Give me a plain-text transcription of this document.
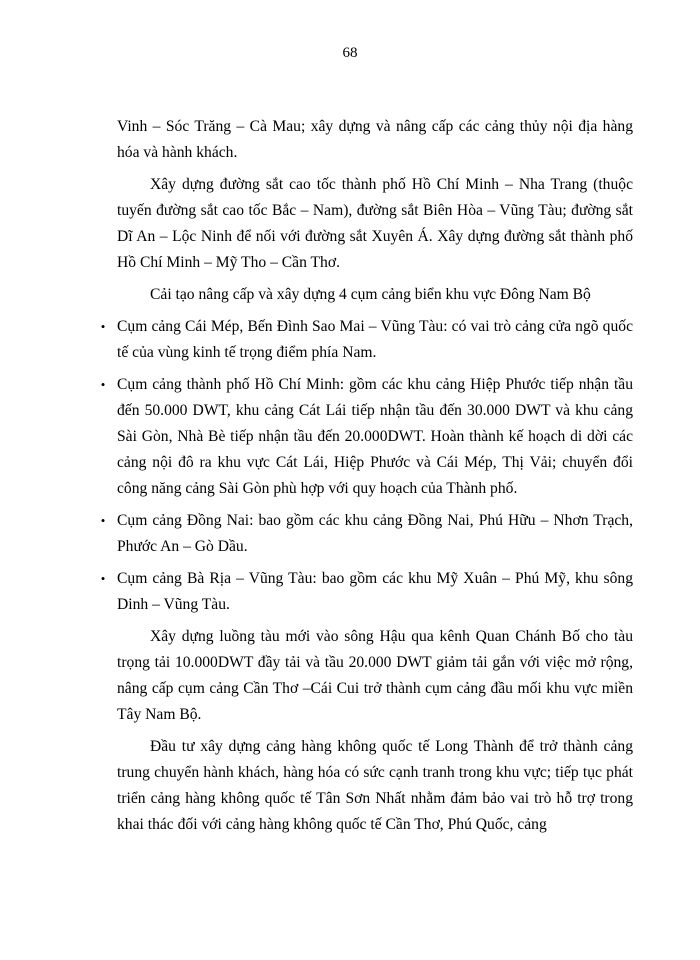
68

Vinh – Sóc Trăng – Cà Mau; xây dựng và nâng cấp các cảng thủy nội địa hàng hóa và hành khách.

Xây dựng đường sắt cao tốc thành phố Hồ Chí Minh – Nha Trang (thuộc tuyến đường sắt cao tốc Bắc – Nam), đường sắt Biên Hòa – Vũng Tàu; đường sắt Dĩ An – Lộc Ninh để nối với đường sắt Xuyên Á. Xây dựng đường sắt thành phố Hồ Chí Minh – Mỹ Tho – Cần Thơ.

Cải tạo nâng cấp và xây dựng 4 cụm cảng biển khu vực Đông Nam Bộ

• Cụm cảng Cái Mép, Bến Đình Sao Mai – Vũng Tàu: có vai trò cảng cửa ngõ quốc tế của vùng kinh tế trọng điểm phía Nam.
• Cụm cảng thành phố Hồ Chí Minh: gồm các khu cảng Hiệp Phước tiếp nhận tầu đến 50.000 DWT, khu cảng Cát Lái tiếp nhận tầu đến 30.000 DWT và khu cảng Sài Gòn, Nhà Bè tiếp nhận tầu đến 20.000DWT. Hoàn thành kế hoạch di dời các cảng nội đô ra khu vực Cát Lái, Hiệp Phước và Cái Mép, Thị Vải; chuyển đổi công năng cảng Sài Gòn phù hợp với quy hoạch của Thành phố.
• Cụm cảng Đồng Nai: bao gồm các khu cảng Đồng Nai, Phú Hữu – Nhơn Trạch, Phước An – Gò Dầu.
• Cụm cảng Bà Rịa – Vũng Tàu: bao gồm các khu Mỹ Xuân – Phú Mỹ, khu sông Dinh – Vũng Tàu.

Xây dựng luồng tàu mới vào sông Hậu qua kênh Quan Chánh Bố cho tàu trọng tải 10.000DWT đầy tải và tầu 20.000 DWT giảm tải gắn với việc mở rộng, nâng cấp cụm cảng Cần Thơ –Cái Cui trở thành cụm cảng đầu mối khu vực miền Tây Nam Bộ.

Đầu tư xây dựng cảng hàng không quốc tế Long Thành để trở thành cảng trung chuyển hành khách, hàng hóa có sức cạnh tranh trong khu vực; tiếp tục phát triển cảng hàng không quốc tế Tân Sơn Nhất nhằm đảm bảo vai trò hỗ trợ trong khai thác đối với cảng hàng không quốc tế Cần Thơ, Phú Quốc, cảng
